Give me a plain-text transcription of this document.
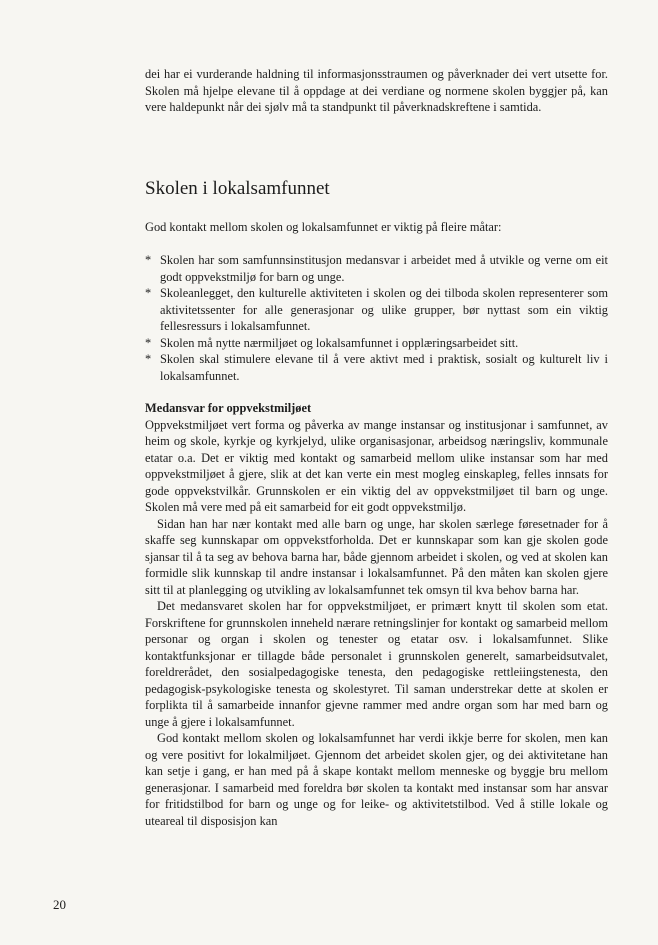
dei har ei vurderande haldning til informasjonsstraumen og påverknader dei vert utsette for. Skolen må hjelpe elevane til å oppdage at dei verdiane og normene skolen byggjer på, kan vere haldepunkt når dei sjølv må ta standpunkt til påverknadskreftene i samtida.

Skolen i lokalsamfunnet

God kontakt mellom skolen og lokalsamfunnet er viktig på fleire måtar:

* Skolen har som samfunnsinstitusjon medansvar i arbeidet med å utvikle og verne om eit godt oppvekstmiljø for barn og unge.
* Skoleanlegget, den kulturelle aktiviteten i skolen og dei tilboda skolen representerer som aktivitetssenter for alle generasjonar og ulike grupper, bør nyttast som ein viktig fellesressurs i lokalsamfunnet.
* Skolen må nytte nærmiljøet og lokalsamfunnet i opplæringsarbeidet sitt.
* Skolen skal stimulere elevane til å vere aktivt med i praktisk, sosialt og kulturelt liv i lokalsamfunnet.
Medansvar for oppvekstmiljøet

Oppvekstmiljøet vert forma og påverka av mange instansar og institusjonar i samfunnet, av heim og skole, kyrkje og kyrkjelyd, ulike organisasjonar, arbeidsog næringsliv, kommunale etatar o.a. Det er viktig med kontakt og samarbeid mellom ulike instansar som har med oppvekstmiljøet å gjere, slik at det kan verte ein mest mogleg einskapleg, felles innsats for gode oppvekstvilkår. Grunnskolen er ein viktig del av oppvekstmiljøet til barn og unge. Skolen må vere med på eit samarbeid for eit godt oppvekstmiljø.

Sidan han har nær kontakt med alle barn og unge, har skolen særlege føresetnader for å skaffe seg kunnskapar om oppvekstforholda. Det er kunnskapar som kan gje skolen gode sjansar til å ta seg av behova barna har, både gjennom arbeidet i skolen, og ved at skolen kan formidle slik kunnskap til andre instansar i lokalsamfunnet. På den måten kan skolen gjere sitt til at planlegging og utvikling av lokalsamfunnet tek omsyn til kva behov barna har.

Det medansvaret skolen har for oppvekstmiljøet, er primært knytt til skolen som etat. Forskriftene for grunnskolen inneheld nærare retningslinjer for kontakt og samarbeid mellom personar og organ i skolen og tenester og etatar osv. i lokalsamfunnet. Slike kontaktfunksjonar er tillagde både personalet i grunnskolen generelt, samarbeidsutvalet, foreldrerådet, den sosialpedagogiske tenesta, den pedagogiske rettleiingstenesta, den pedagogisk-psykologiske tenesta og skolestyret. Til saman understrekar dette at skolen er forplikta til å samarbeide innanfor gjevne rammer med andre organ som har med barn og unge å gjere i lokalsamfunnet.

God kontakt mellom skolen og lokalsamfunnet har verdi ikkje berre for skolen, men kan og vere positivt for lokalmiljøet. Gjennom det arbeidet skolen gjer, og dei aktivitetane han kan setje i gang, er han med på å skape kontakt mellom menneske og byggje bru mellom generasjonar. I samarbeid med foreldra bør skolen ta kontakt med instansar som har ansvar for fritidstilbod for barn og unge og for leike- og aktivitetstilbod. Ved å stille lokale og uteareal til disposisjon kan

20
